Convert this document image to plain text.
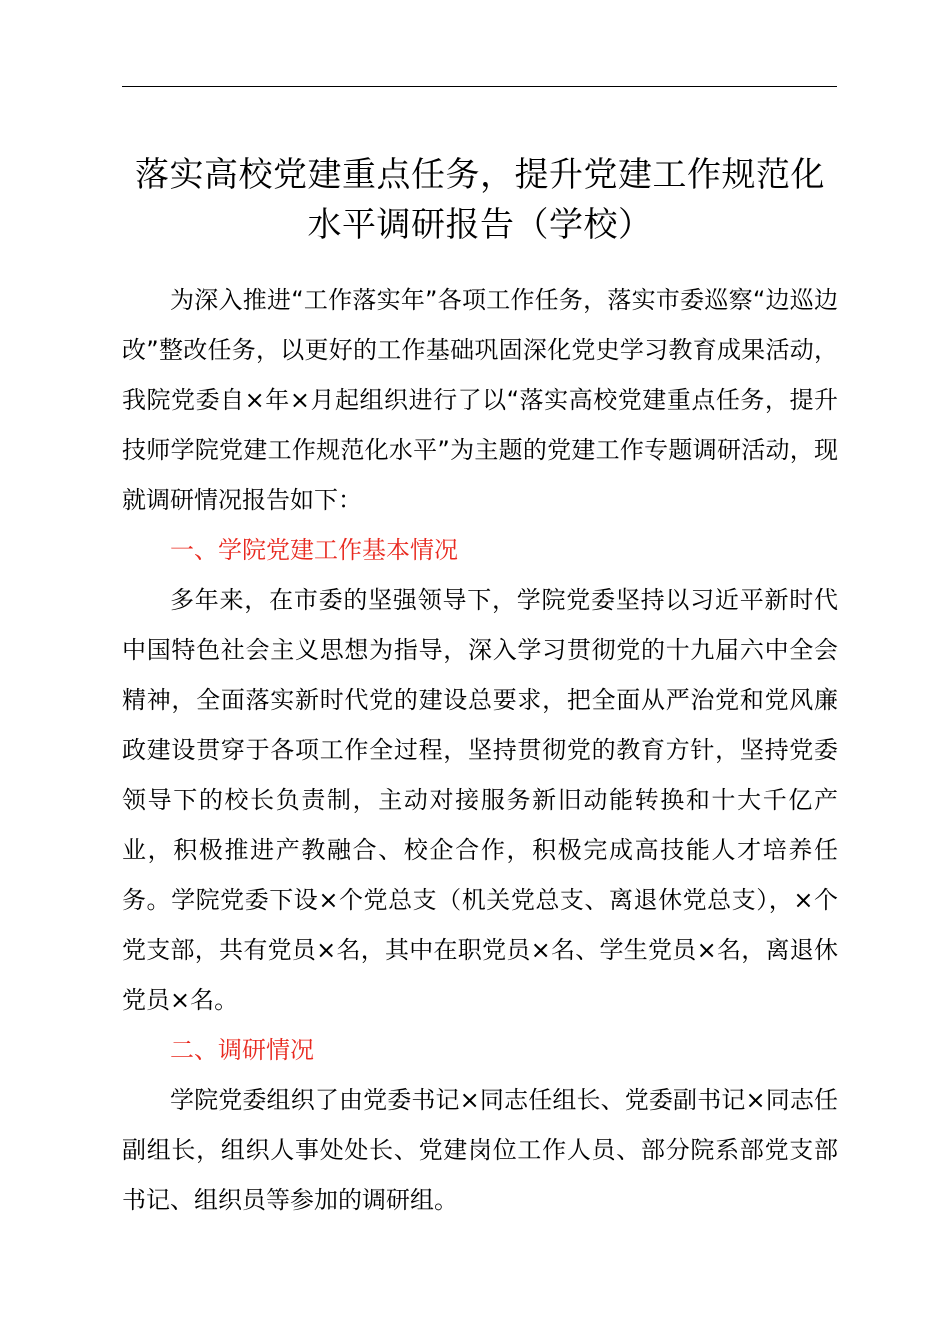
落实高校党建重点任务，提升党建工作规范化
水平调研报告（学校）

为深入推进“工作落实年”各项工作任务，落实市委巡察“边巡边改”整改任务，以更好的工作基础巩固深化党史学习教育成果活动，我院党委自×年×月起组织进行了以“落实高校党建重点任务，提升技师学院党建工作规范化水平”为主题的党建工作专题调研活动，现就调研情况报告如下：

一、学院党建工作基本情况

多年来，在市委的坚强领导下，学院党委坚持以习近平新时代中国特色社会主义思想为指导，深入学习贯彻党的十九届六中全会精神，全面落实新时代党的建设总要求，把全面从严治党和党风廉政建设贯穿于各项工作全过程，坚持贯彻党的教育方针，坚持党委领导下的校长负责制，主动对接服务新旧动能转换和十大千亿产业，积极推进产教融合、校企合作，积极完成高技能人才培养任务。学院党委下设×个党总支（机关党总支、离退休党总支），×个党支部，共有党员×名，其中在职党员×名、学生党员×名，离退休党员×名。

二、调研情况

学院党委组织了由党委书记×同志任组长、党委副书记×同志任副组长，组织人事处处长、党建岗位工作人员、部分院系部党支部书记、组织员等参加的调研组。
